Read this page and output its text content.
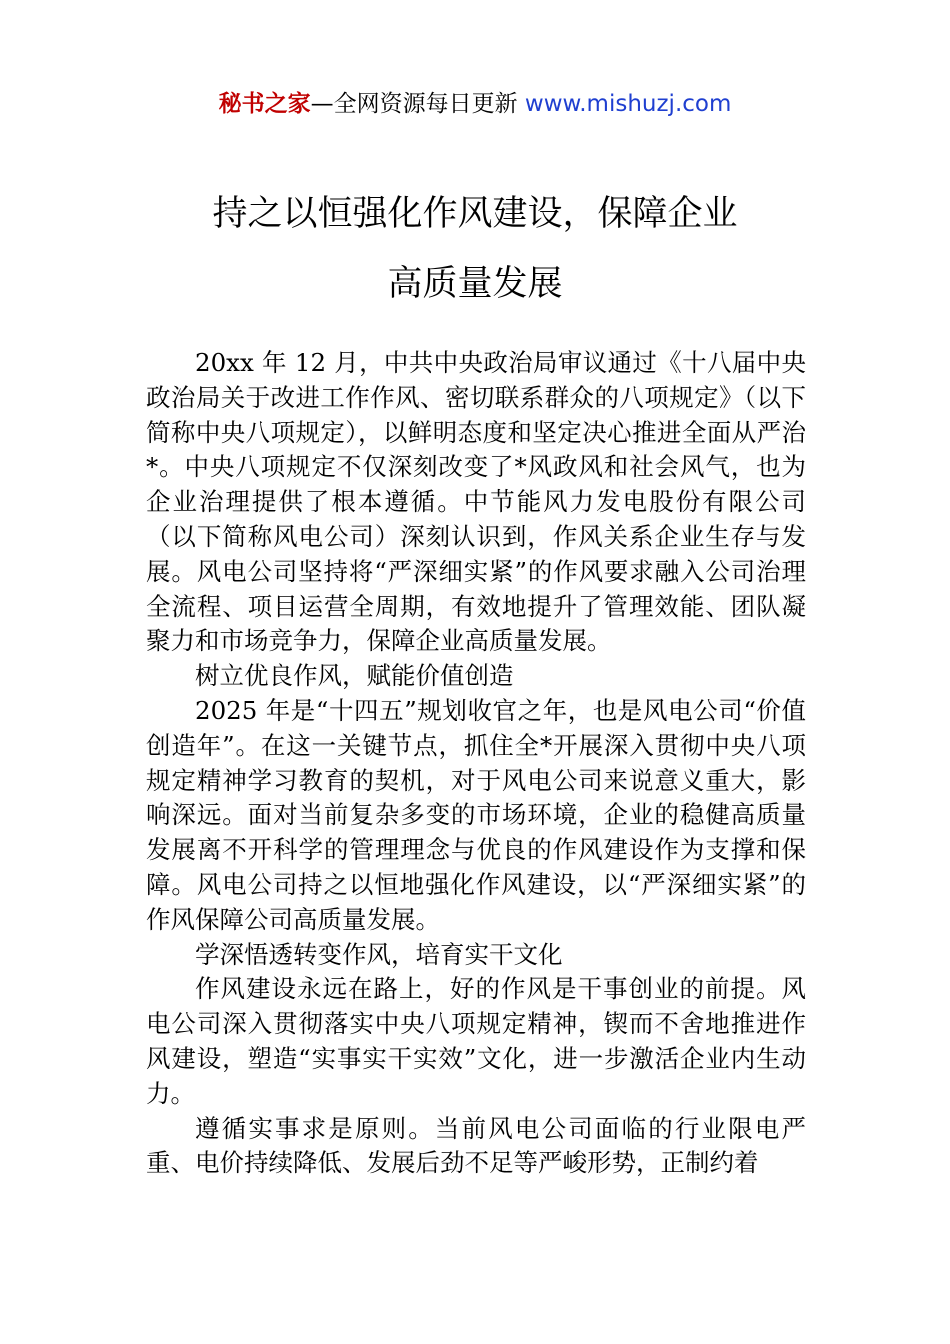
秘书之家—全网资源每日更新 www.mishuzj.com
持之以恒强化作风建设，保障企业
高质量发展

20xx 年 12 月，中共中央政治局审议通过《十八届中央政治局关于改进工作作风、密切联系群众的八项规定》（以下简称中央八项规定），以鲜明态度和坚定决心推进全面从严治*。中央八项规定不仅深刻改变了*风政风和社会风气，也为企业治理提供了根本遵循。中节能风力发电股份有限公司（以下简称风电公司）深刻认识到，作风关系企业生存与发展。风电公司坚持将“严深细实紧”的作风要求融入公司治理全流程、项目运营全周期，有效地提升了管理效能、团队凝聚力和市场竞争力，保障企业高质量发展。

树立优良作风，赋能价值创造

2025 年是“十四五”规划收官之年，也是风电公司“价值创造年”。在这一关键节点，抓住全*开展深入贯彻中央八项规定精神学习教育的契机，对于风电公司来说意义重大，影响深远。面对当前复杂多变的市场环境，企业的稳健高质量发展离不开科学的管理理念与优良的作风建设作为支撑和保障。风电公司持之以恒地强化作风建设，以“严深细实紧”的作风保障公司高质量发展。

学深悟透转变作风，培育实干文化

作风建设永远在路上，好的作风是干事创业的前提。风电公司深入贯彻落实中央八项规定精神，锲而不舍地推进作风建设，塑造“实事实干实效”文化，进一步激活企业内生动力。

遵循实事求是原则。当前风电公司面临的行业限电严重、电价持续降低、发展后劲不足等严峻形势，正制约着
